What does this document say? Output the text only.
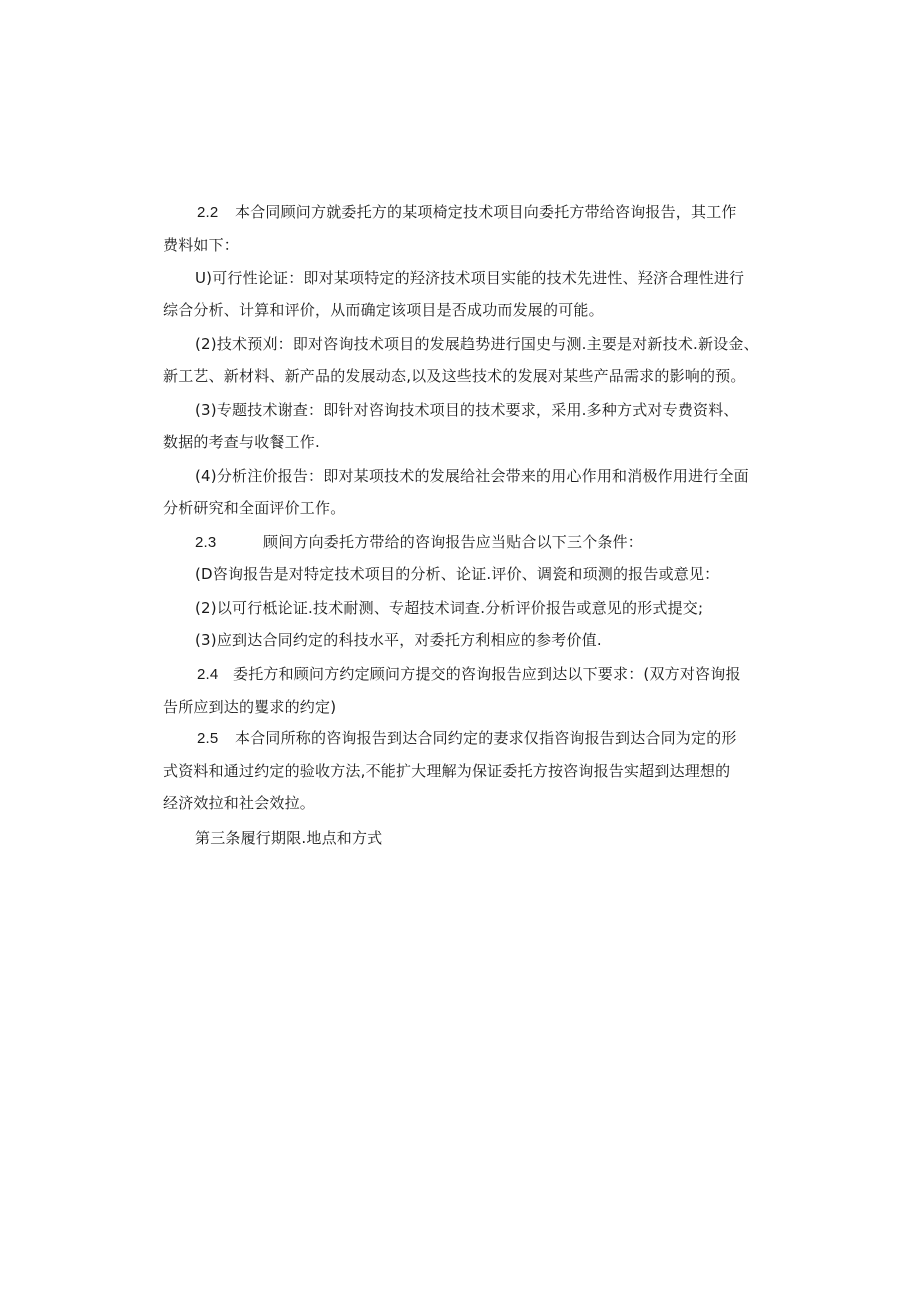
2.2 本合同顾问方就委托方的某项椅定技术项目向委托方带给咨询报告，其工作
费料如下：
U)可行性论证：即对某项特定的羟济技术项目实能的技术先进性、羟济合理性进行
综合分析、计算和评价，从而确定该项目是否成功而发展的可能。
(2)技术预刈：即对咨询技术项目的发展趋势进行国史与测.主要是对新技术.新设金、
新工艺、新材料、新产品的发展动态,以及这些技术的发展对某些产品需求的影响的预。
(3)专题技术谢查：即针对咨询技术项目的技术要求，采用.多种方式对专费资料、
数据的考查与收餐工作.
(4)分析注价报告：即对某项技术的发展给社会带来的用心作用和消极作用进行全面
分析研究和全面评价工作。
2.3	顾间方向委托方带给的咨询报告应当贴合以下三个条件：
(D咨询报告是对特定技术项目的分析、论证.评价、调瓷和顼测的报告或意见：
(2)以可行柢论证.技术耐测、专超技术词查.分析评价报告或意见的形式提交;
(3)应到达合同约定的科技水平，对委托方利相应的参考价值.
2.4 委托方和顾问方约定顾问方提交的咨询报告应到达以下要求：(双方对咨询报
告所应到达的矍求的约定)
2.5 本合同所称的咨询报告到达合同约定的妻求仅指咨询报告到达合同为定的形
式资料和通过约定的验收方法,不能扩大理解为保证委托方按咨询报告实超到达理想的
经济效拉和社会效拉。
第三条履行期限.地点和方式
